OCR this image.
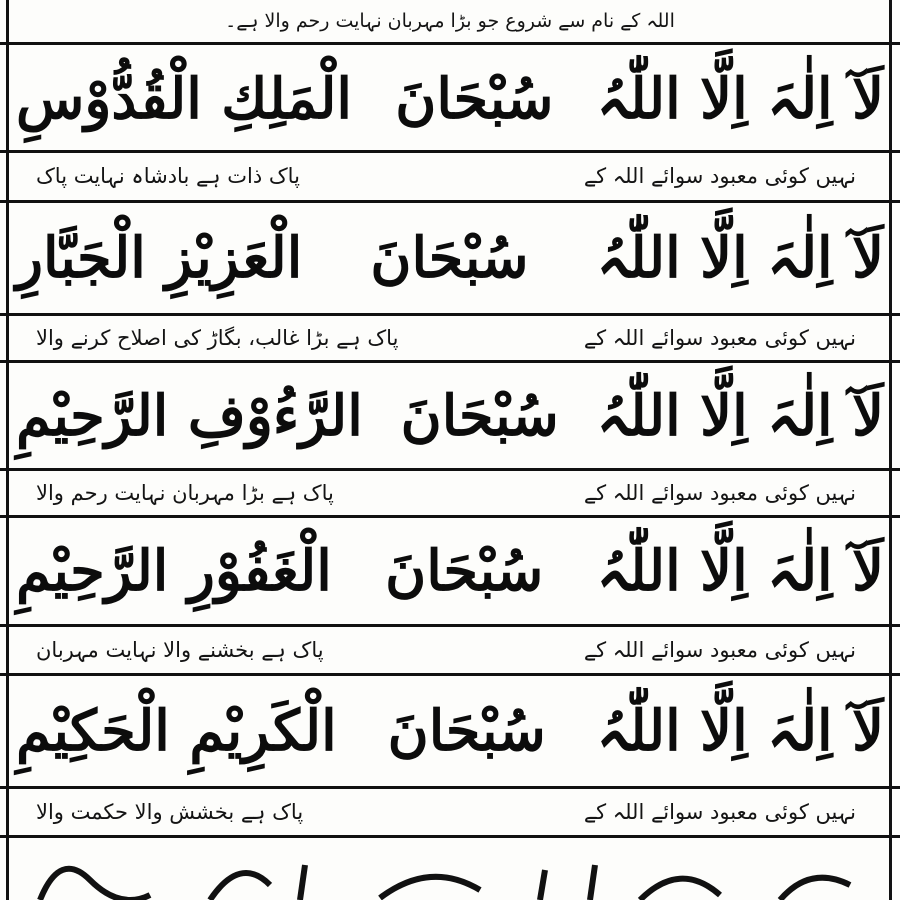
اللہ کے نام سے شروع جو بڑا مہربان نہایت رحم والا ہے۔
لَآ اِلٰہَ اِلَّا اللّٰہُ
سُبْحَانَ
الْمَلِكِ الْقُدُّوْسِ
نہیں کوئی معبود سوائے اللہ کے
پاک ذات ہے بادشاہ نہایت پاک
لَآ اِلٰہَ اِلَّا اللّٰہُ
سُبْحَانَ
الْعَزِیْزِ الْجَبَّارِ
نہیں کوئی معبود سوائے اللہ کے
پاک ہے بڑا غالب، بگاڑ کی اصلاح کرنے والا
لَآ اِلٰہَ اِلَّا اللّٰہُ
سُبْحَانَ
الرَّءُوْفِ الرَّحِیْمِ
نہیں کوئی معبود سوائے اللہ کے
پاک ہے بڑا مہربان نہایت رحم والا
لَآ اِلٰہَ اِلَّا اللّٰہُ
سُبْحَانَ
الْغَفُوْرِ الرَّحِیْمِ
نہیں کوئی معبود سوائے اللہ کے
پاک ہے بخشنے والا نہایت مہربان
لَآ اِلٰہَ اِلَّا اللّٰہُ
سُبْحَانَ
الْكَرِیْمِ الْحَكِیْمِ
نہیں کوئی معبود سوائے اللہ کے
پاک ہے بخشش والا حکمت والا
